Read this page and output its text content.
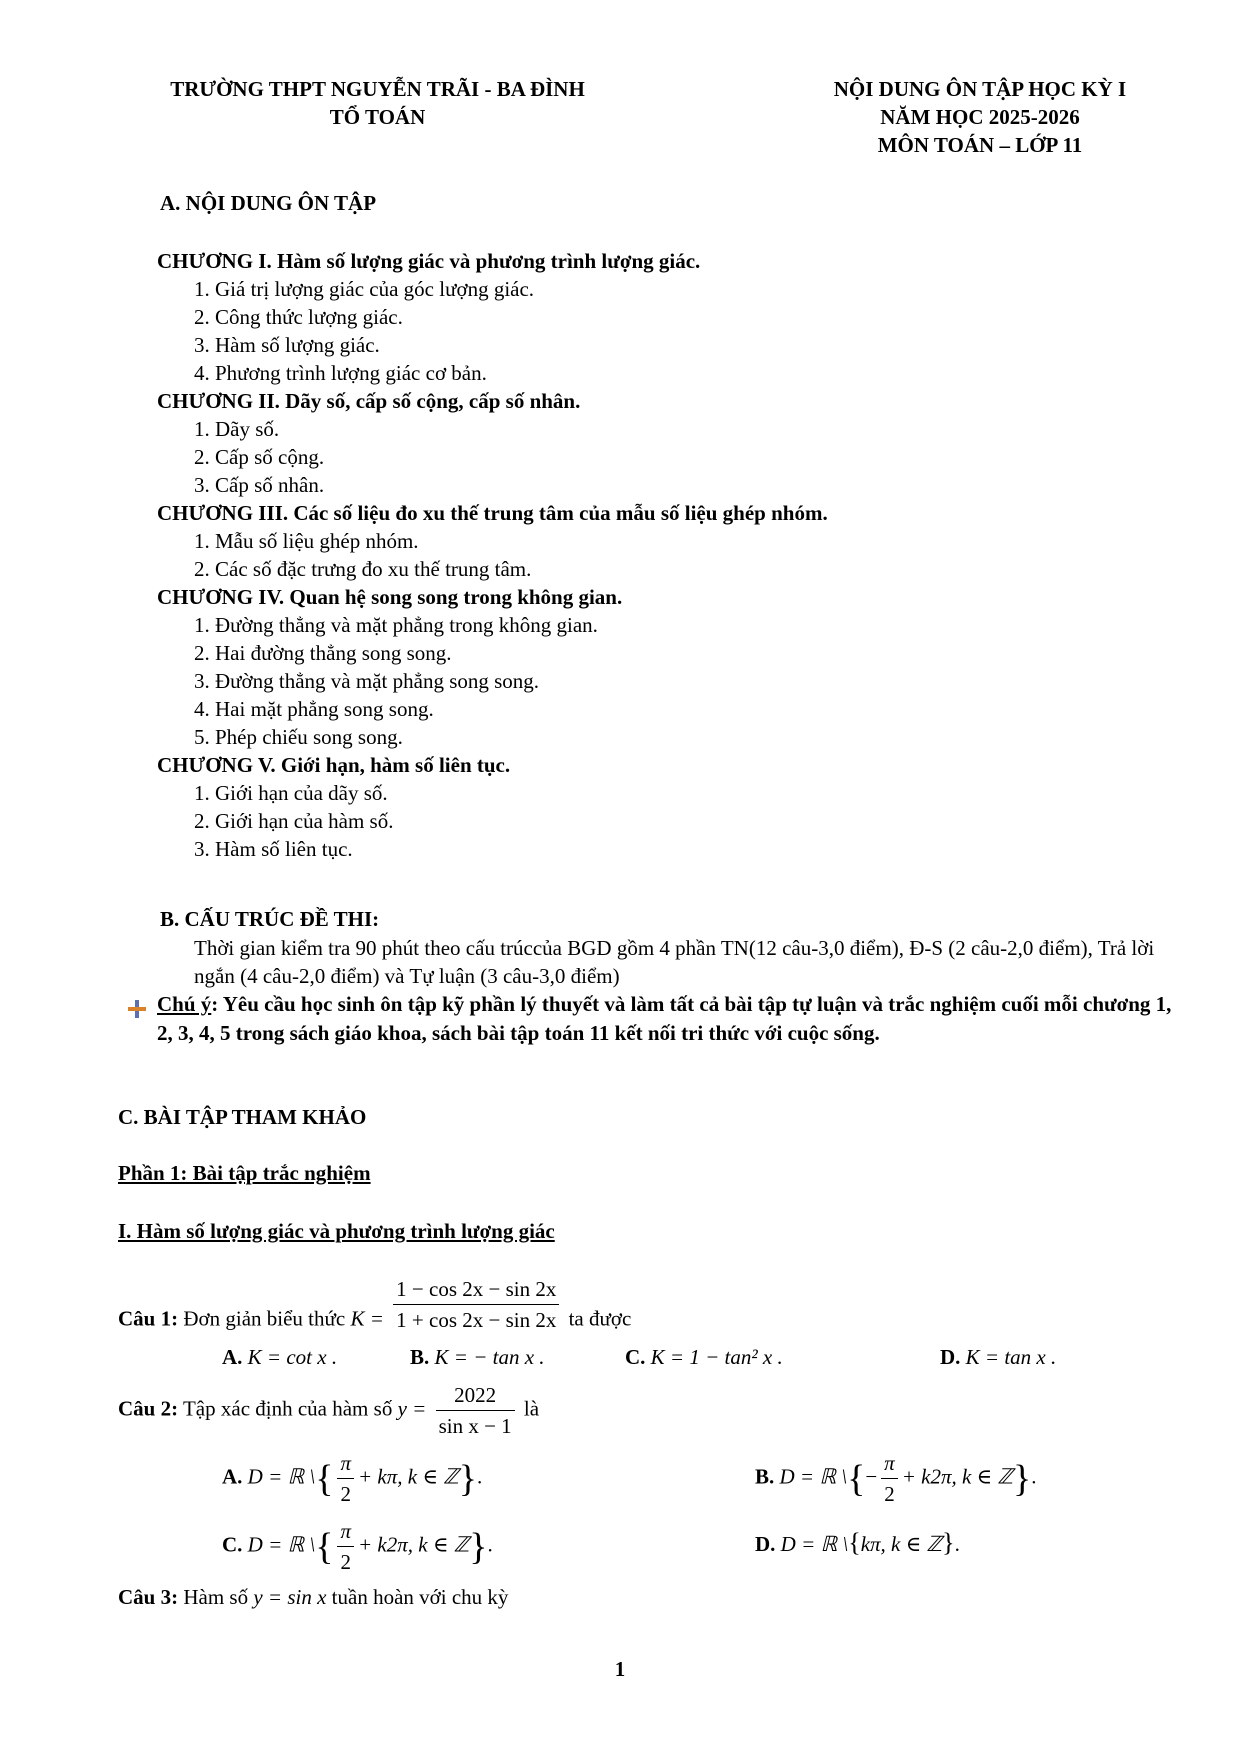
TRƯỜNG THPT NGUYỄN TRÃI - BA ĐÌNH
TỔ TOÁN
NỘI DUNG ÔN TẬP HỌC KỲ I
NĂM HỌC 2025-2026
MÔN TOÁN – LỚP 11
A. NỘI DUNG ÔN TẬP
CHƯƠNG I. Hàm số lượng giác và phương trình lượng giác.
1. Giá trị lượng giác của góc lượng giác.
2. Công thức lượng giác.
3. Hàm số lượng giác.
4. Phương trình lượng giác cơ bản.
CHƯƠNG II. Dãy số, cấp số cộng, cấp số nhân.
1. Dãy số.
2. Cấp số cộng.
3. Cấp số nhân.
CHƯƠNG III. Các số liệu đo xu thế trung tâm của mẫu số liệu ghép nhóm.
1. Mẫu số liệu ghép nhóm.
2. Các số đặc trưng đo xu thế trung tâm.
CHƯƠNG IV. Quan hệ song song trong không gian.
1. Đường thẳng và mặt phẳng trong không gian.
2. Hai đường thẳng song song.
3. Đường thẳng và mặt phẳng song song.
4. Hai mặt phẳng song song.
5. Phép chiếu song song.
CHƯƠNG V. Giới hạn, hàm số liên tục.
1. Giới hạn của dãy số.
2. Giới hạn của hàm số.
3. Hàm số liên tục.
B. CẤU TRÚC ĐỀ THI:
Thời gian kiểm tra 90 phút theo cấu trúccủa BGD gồm 4 phần TN(12 câu-3,0 điểm), Đ-S (2 câu-2,0 điểm), Trả lời ngắn (4 câu-2,0 điểm) và Tự luận (3 câu-3,0 điểm)
Chú ý: Yêu cầu học sinh ôn tập kỹ phần lý thuyết và làm tất cả bài tập tự luận và trắc nghiệm cuối mỗi chương 1, 2, 3, 4, 5 trong sách giáo khoa, sách bài tập toán 11 kết nối tri thức với cuộc sống.
C. BÀI TẬP THAM KHẢO
Phần 1: Bài tập trắc nghiệm
I. Hàm số lượng giác và phương trình lượng giác
Câu 1: Đơn giản biểu thức $K = \frac{1 - \cos 2x - \sin 2x}{1 + \cos 2x - \sin 2x}$ ta được
A. K = cot x .	B. K = − tan x .	C. K = 1 − tan² x .	D. K = tan x .
Câu 2: Tập xác định của hàm số $y = \frac{2022}{\text{sin x − 1}}$ là
A. D = ℝ \{ $\frac{\pi}{2} + k\pi$, k ∈ ℤ}.	B. D = ℝ \{− $\frac{\pi}{2} + k2\pi$, k ∈ ℤ}.
C. D = ℝ \{ $\frac{\pi}{2} + k2\pi$, k ∈ ℤ}.	D. D = ℝ \{kπ, k ∈ ℤ}.
Câu 3: Hàm số y = sin x tuần hoàn với chu kỳ
1
